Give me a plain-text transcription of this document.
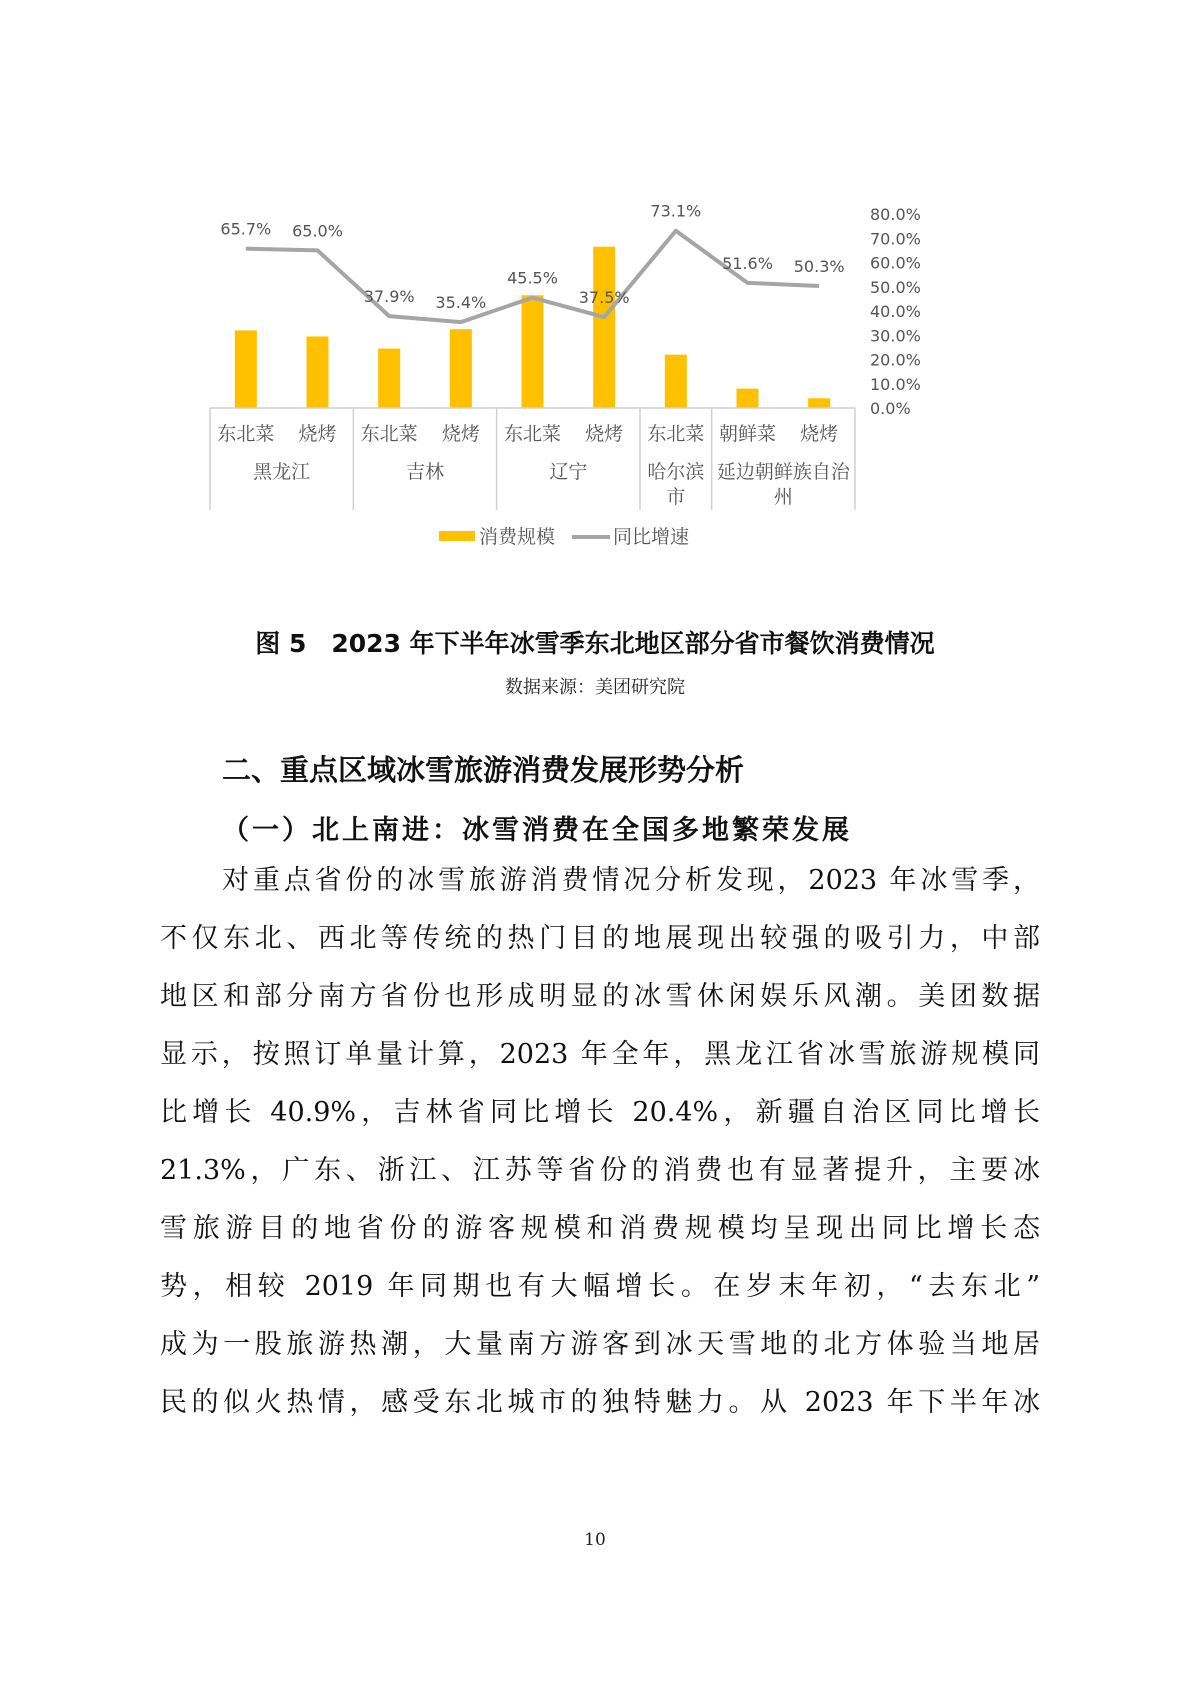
0.0%
10.0%
20.0%
30.0%
40.0%
50.0%
60.0%
70.0%
80.0%
65.7% 65.0%
37.9% 35.4%
45.5%
37.5%
73.1%
51.6% 50.3%
东北菜 烧烤 东北菜 烧烤 东北菜 烧烤 东北菜 朝鲜菜 烧烤
黑龙江	吉林	辽宁	哈尔滨
市
延边朝鲜族自治
州
消费规模	同比增速
图 5　2023 年下半年冰雪季东北地区部分省市餐饮消费情况
数据来源：美团研究院
二、重点区域冰雪旅游消费发展形势分析
（一）北上南进：冰雪消费在全国多地繁荣发展
对重点省份的冰雪旅游消费情况分析发现，2023 年冰雪季，
不仅东北、西北等传统的热门目的地展现出较强的吸引力，中部
地区和部分南方省份也形成明显的冰雪休闲娱乐风潮。美团数据
显示，按照订单量计算，2023 年全年，黑龙江省冰雪旅游规模同
比增长 40.9%，吉林省同比增长 20.4%，新疆自治区同比增长
21.3%，广东、浙江、江苏等省份的消费也有显著提升，主要冰
雪旅游目的地省份的游客规模和消费规模均呈现出同比增长态
势，相较 2019 年同期也有大幅增长。在岁末年初，“去东北”
成为一股旅游热潮，大量南方游客到冰天雪地的北方体验当地居
民的似火热情，感受东北城市的独特魅力。从 2023 年下半年冰
10
